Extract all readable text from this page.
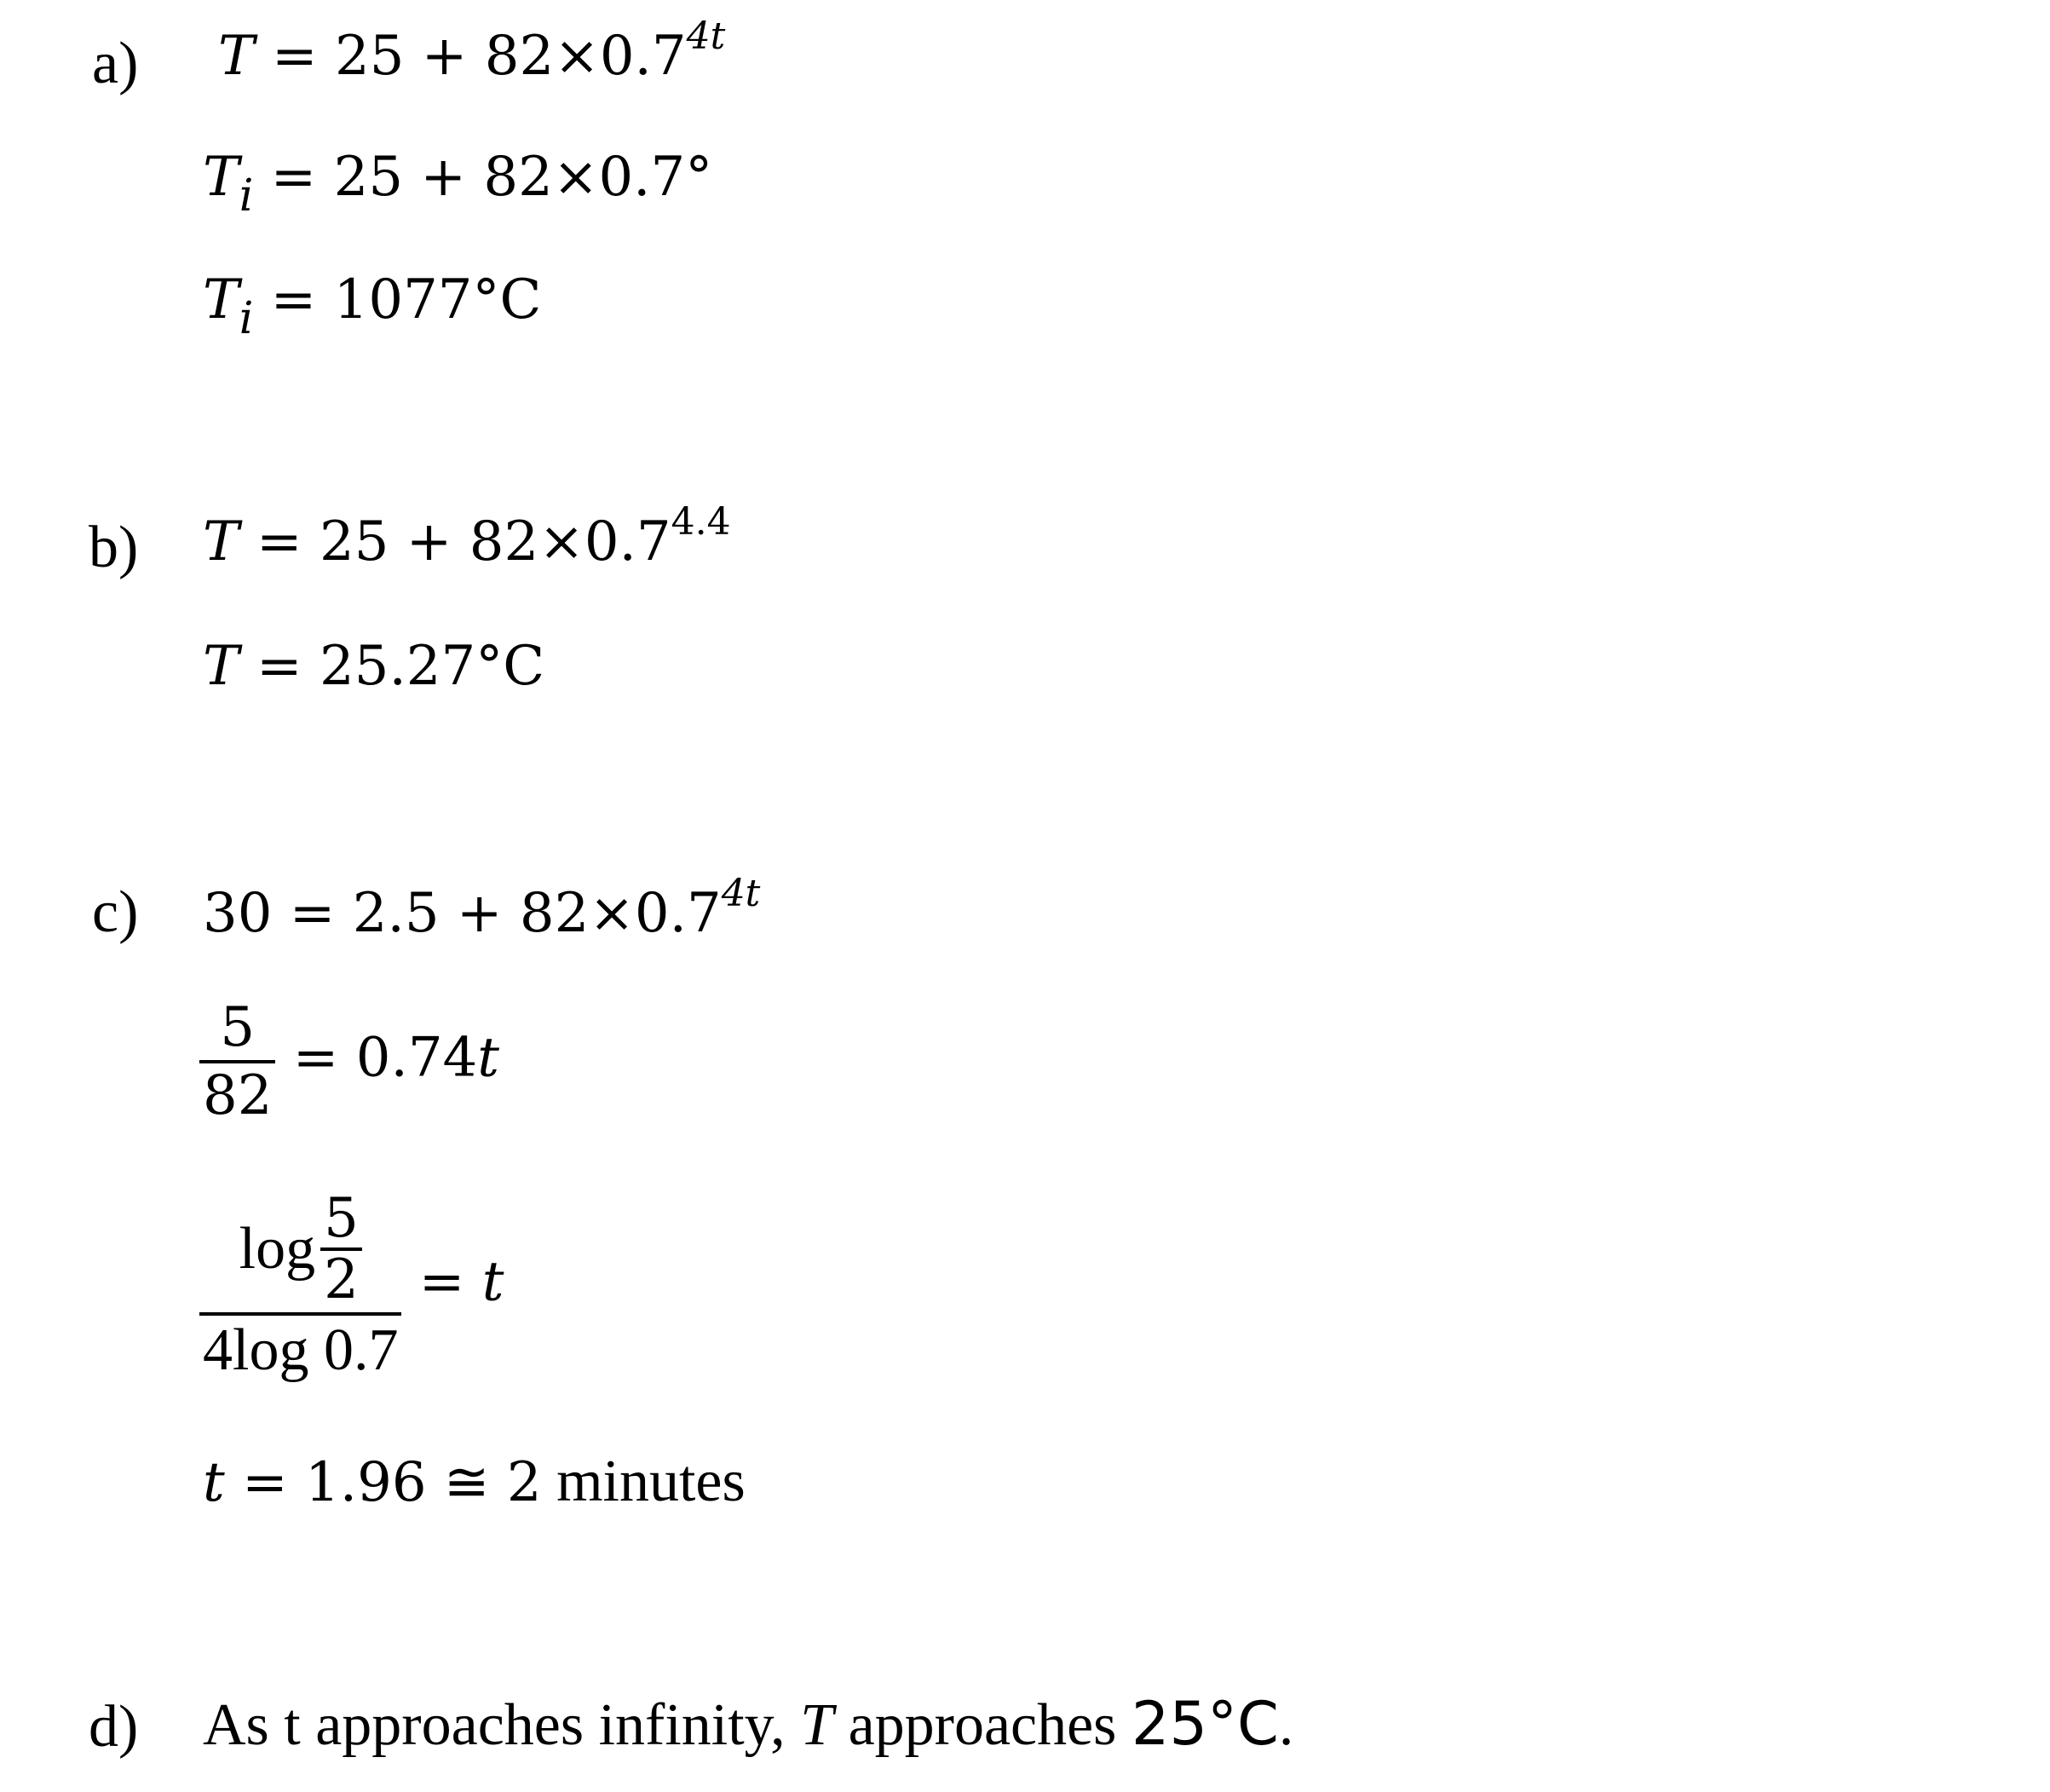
a) $T = 25 + 82\times 0.7^{4t}$
$T_i = 25 + 82\times 0.7^\circ$
$T_i = 1077^\circ C$
b) $T = 25 + 82\times 0.7^{4.4}$
T = 25.27°C
c) $30 = 2.5 + 82\times 0.7^{4t}$
$\frac{5}{82} = 0.74t$
$\frac{\log \frac{5}{2}}{4\log 0.7} = t$
t = 1.96 ≅ 2 minutes
d) As t approaches infinity, T approaches 25°C.
